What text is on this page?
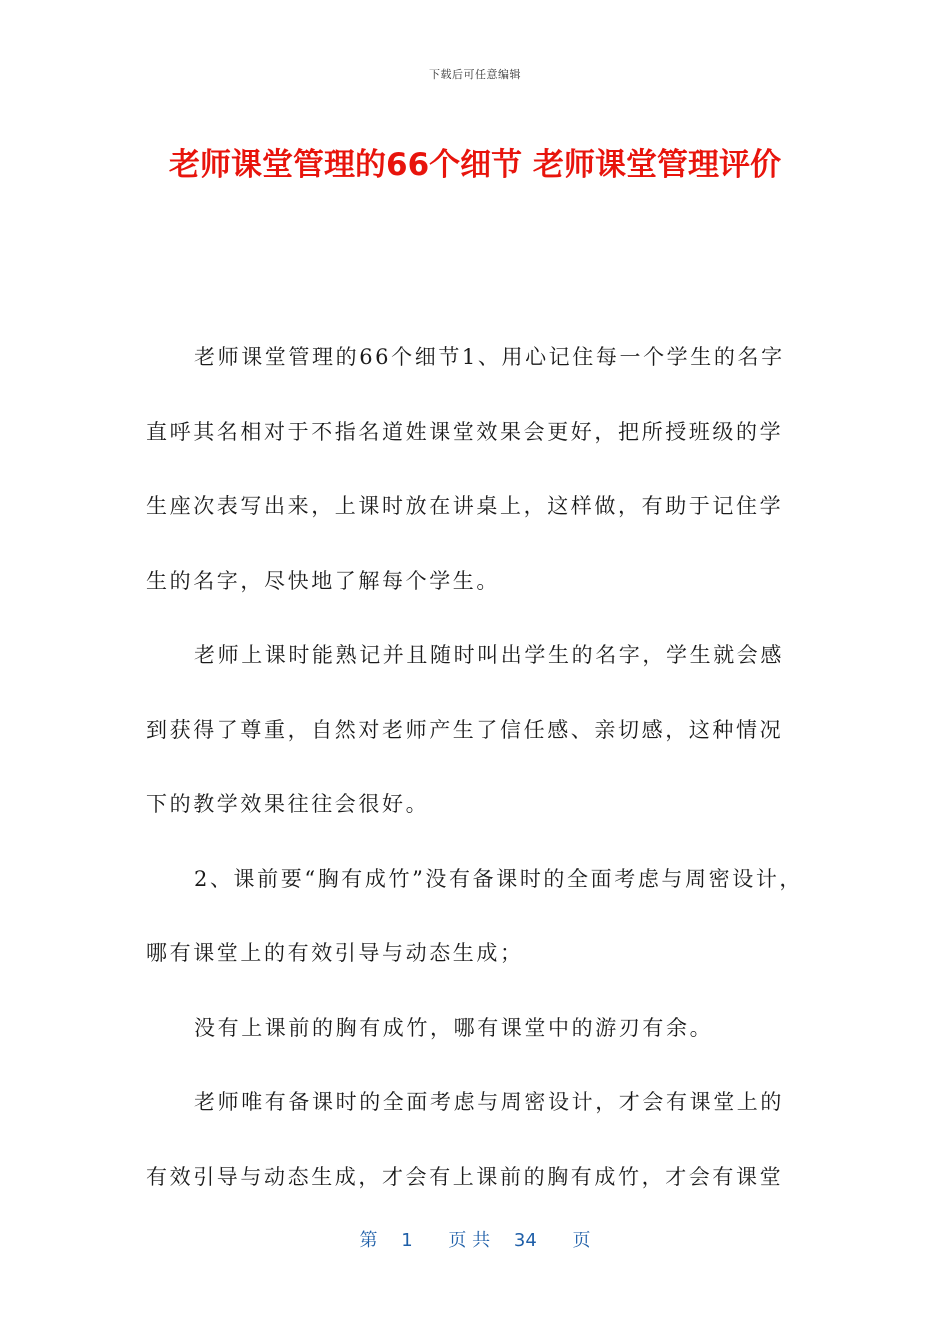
下载后可任意编辑
老师课堂管理的66个细节 老师课堂管理评价

老师课堂管理的66个细节1、用心记住每一个学生的名字

直呼其名相对于不指名道姓课堂效果会更好，把所授班级的学

生座次表写出来，上课时放在讲桌上，这样做，有助于记住学

生的名字，尽快地了解每个学生。

老师上课时能熟记并且随时叫出学生的名字，学生就会感

到获得了尊重，自然对老师产生了信任感、亲切感，这种情况

下的教学效果往往会很好。

2、课前要“胸有成竹”没有备课时的全面考虑与周密设计，

哪有课堂上的有效引导与动态生成；

没有上课前的胸有成竹，哪有课堂中的游刃有余。

老师唯有备课时的全面考虑与周密设计，才会有课堂上的

有效引导与动态生成，才会有上课前的胸有成竹，才会有课堂

第 1 页 共 34 页
